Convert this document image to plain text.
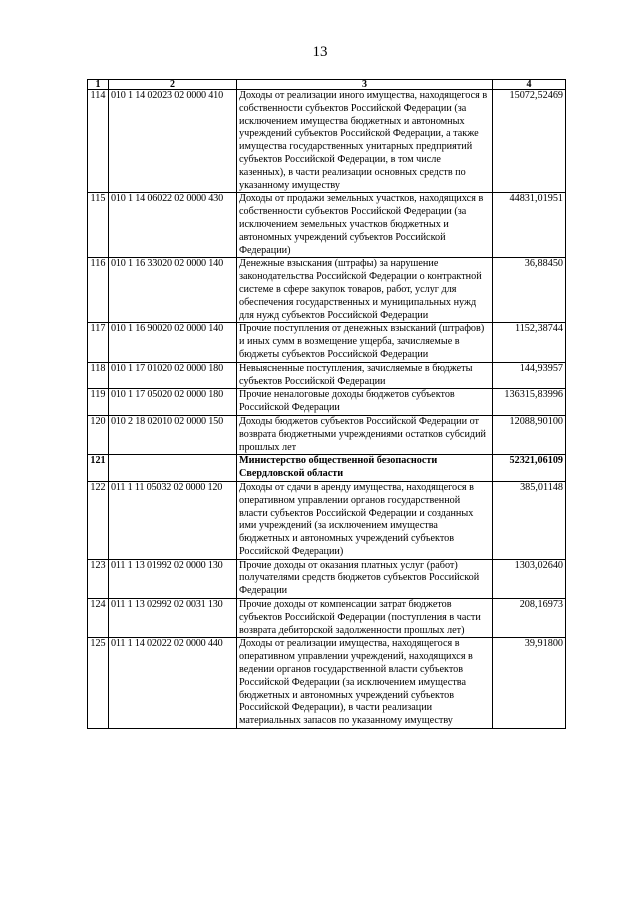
13
1	2	3	4
114	010 1 14 02023 02 0000 410	Доходы от реализации иного имущества, находящегося в собственности субъектов Российской Федерации (за исключением имущества бюджетных и автономных учреждений субъектов Российской Федерации, а также имущества государственных унитарных предприятий субъектов Российской Федерации, в том числе казенных), в части реализации основных средств по указанному имуществу	15072,52469
115	010 1 14 06022 02 0000 430	Доходы от продажи земельных участков, находящихся в собственности субъектов Российской Федерации (за исключением земельных участков бюджетных и автономных учреждений субъектов Российской Федерации)	44831,01951
116	010 1 16 33020 02 0000 140	Денежные взыскания (штрафы) за нарушение законодательства Российской Федерации о контрактной системе в сфере закупок товаров, работ, услуг для обеспечения государственных и муниципальных нужд для нужд субъектов Российской Федерации	36,88450
117	010 1 16 90020 02 0000 140	Прочие поступления от денежных взысканий (штрафов) и иных сумм в возмещение ущерба, зачисляемые в бюджеты субъектов Российской Федерации	1152,38744
118	010 1 17 01020 02 0000 180	Невыясненные поступления, зачисляемые в бюджеты субъектов Российской Федерации	144,93957
119	010 1 17 05020 02 0000 180	Прочие неналоговые доходы бюджетов субъектов Российской Федерации	136315,83996
120	010 2 18 02010 02 0000 150	Доходы бюджетов субъектов Российской Федерации от возврата бюджетными учреждениями остатков субсидий прошлых лет	12088,90100
121		Министерство общественной безопасности Свердловской области	52321,06109
122	011 1 11 05032 02 0000 120	Доходы от сдачи в аренду имущества, находящегося в оперативном управлении органов государственной власти субъектов Российской Федерации и созданных ими учреждений (за исключением имущества бюджетных и автономных учреждений субъектов Российской Федерации)	385,01148
123	011 1 13 01992 02 0000 130	Прочие доходы от оказания платных услуг (работ) получателями средств бюджетов субъектов Российской Федерации	1303,02640
124	011 1 13 02992 02 0031 130	Прочие доходы от компенсации затрат бюджетов субъектов Российской Федерации (поступления в части возврата дебиторской задолженности прошлых лет)	208,16973
125	011 1 14 02022 02 0000 440	Доходы от реализации имущества, находящегося в оперативном управлении учреждений, находящихся в ведении органов государственной власти субъектов Российской Федерации (за исключением имущества бюджетных и автономных учреждений субъектов Российской Федерации), в части реализации материальных запасов по указанному имуществу	39,91800
